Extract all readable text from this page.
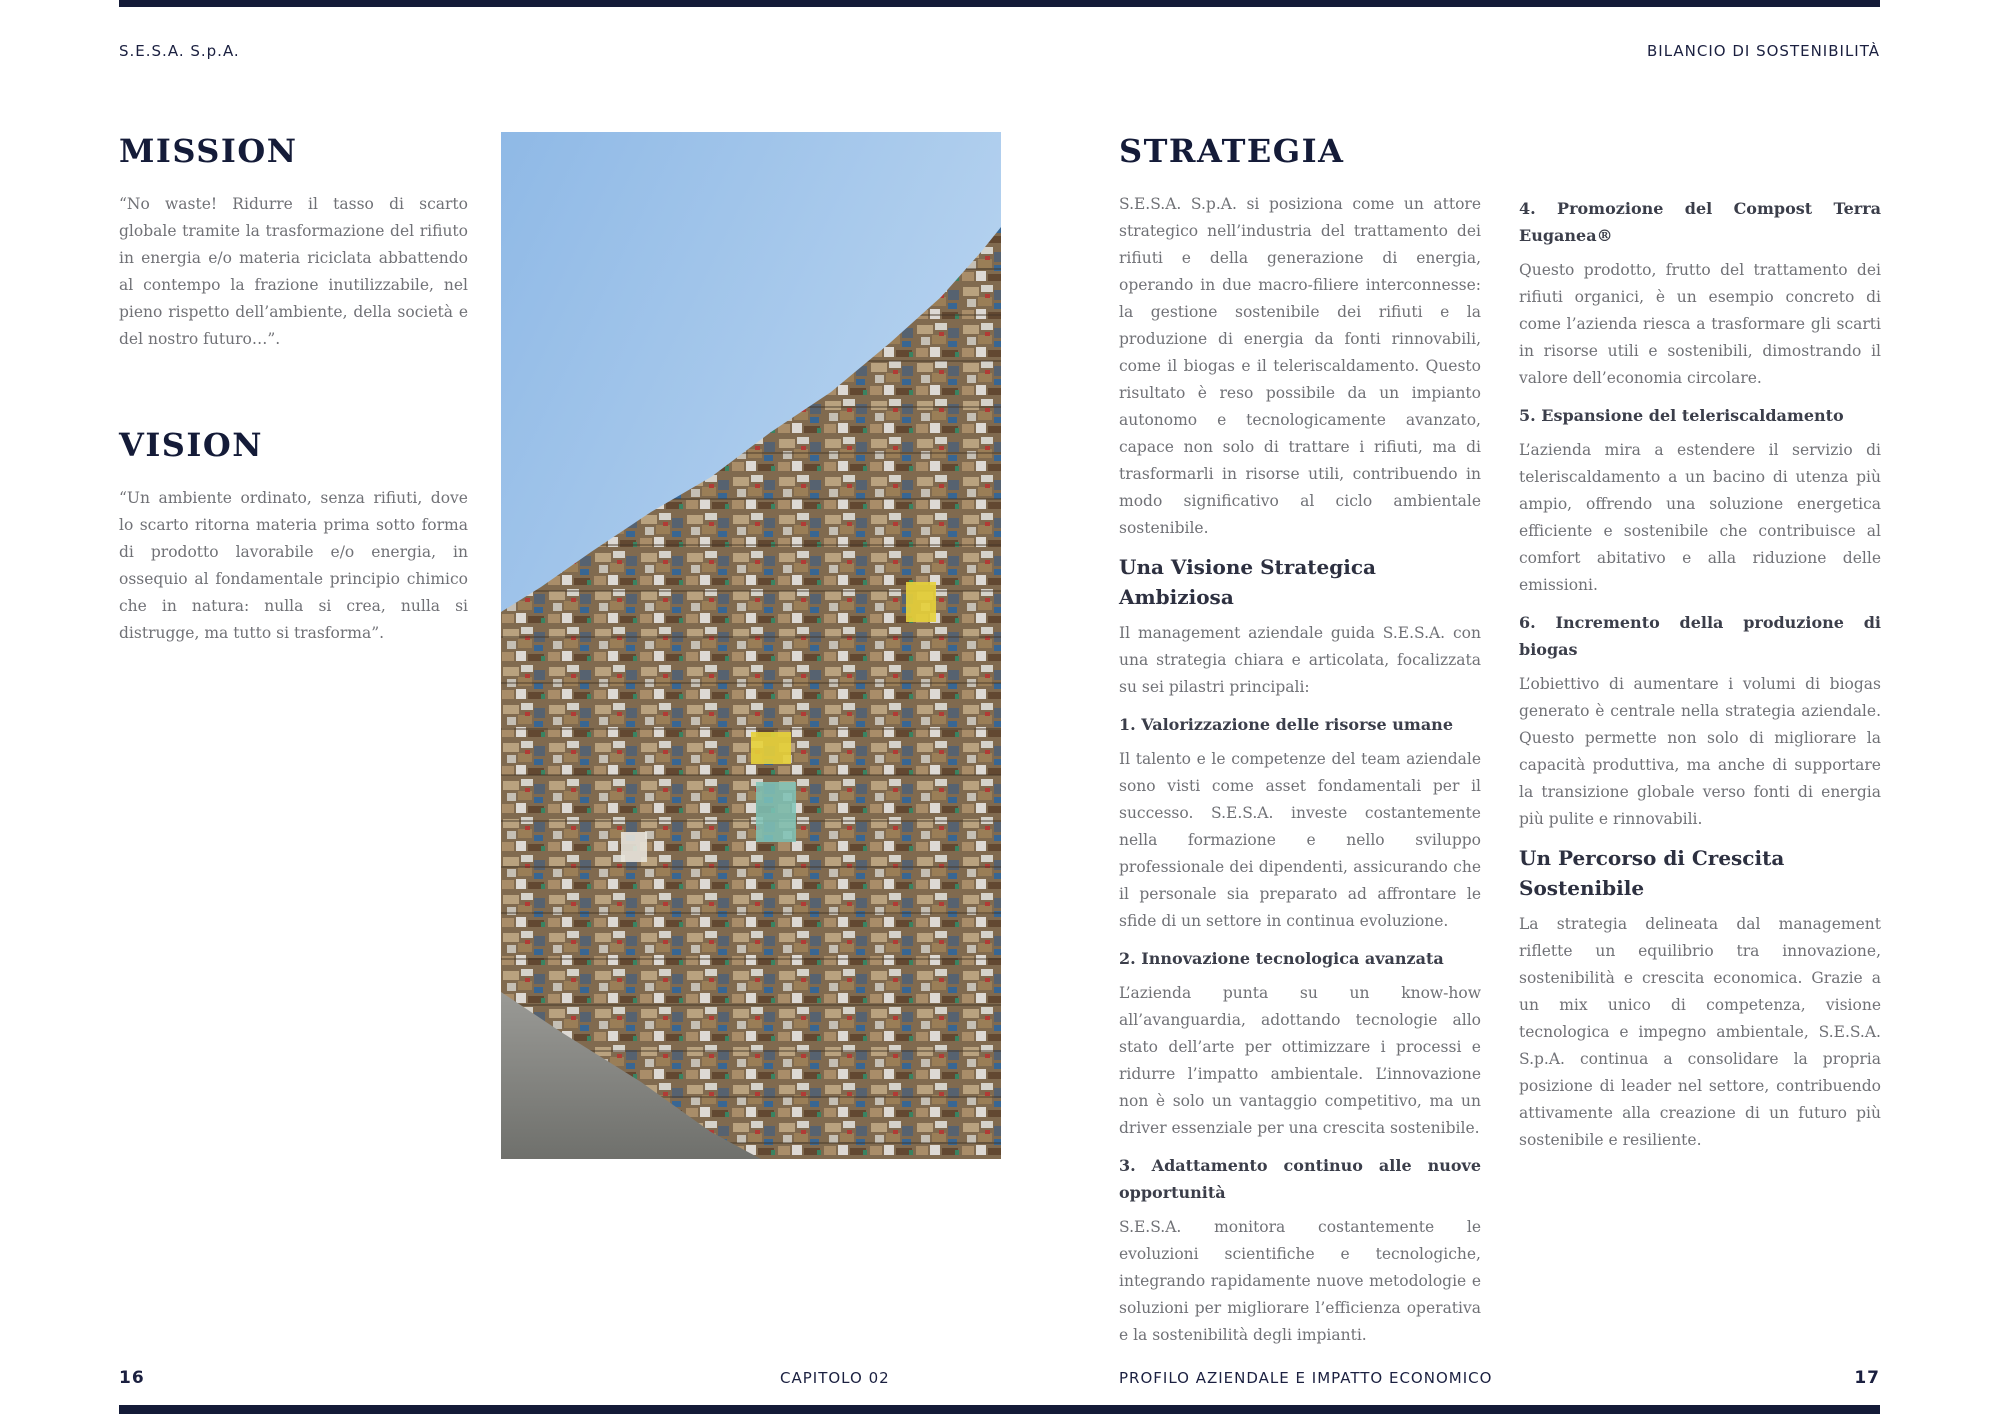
S.E.S.A. S.p.A.	BILANCIO DI SOSTENIBILITÀ
MISSION

“No waste! Ridurre il tasso di scarto globale tramite la trasformazione del rifiuto in energia e/o materia riciclata abbattendo al contempo la frazione inutilizzabile, nel pieno rispetto dell’ambiente, della società e del nostro futuro…”.

VISION

“Un ambiente ordinato, senza rifiuti, dove lo scarto ritorna materia prima sotto forma di prodotto lavorabile e/o energia, in ossequio al fondamentale principio chimico che in natura: nulla si crea, nulla si distrugge, ma tutto si trasforma”.

STRATEGIA

S.E.S.A. S.p.A. si posiziona come un attore strategico nell’industria del trattamento dei rifiuti e della generazione di energia, operando in due macro-filiere interconnesse: la gestione sostenibile dei rifiuti e la produzione di energia da fonti rinnovabili, come il biogas e il teleriscaldamento. Questo risultato è reso possibile da un impianto autonomo e tecnologicamente avanzato, capace non solo di trattare i rifiuti, ma di trasformarli in risorse utili, contribuendo in modo significativo al ciclo ambientale sostenibile.

Una Visione Strategica Ambiziosa

Il management aziendale guida S.E.S.A. con una strategia chiara e articolata, focalizzata su sei pilastri principali:

1. Valorizzazione delle risorse umane

Il talento e le competenze del team aziendale sono visti come asset fondamentali per il successo. S.E.S.A. investe costantemente nella formazione e nello sviluppo professionale dei dipendenti, assicurando che il personale sia preparato ad affrontare le sfide di un settore in continua evoluzione.

2. Innovazione tecnologica avanzata

L’azienda punta su un know-how all’avanguardia, adottando tecnologie allo stato dell’arte per ottimizzare i processi e ridurre l’impatto ambientale. L’innovazione non è solo un vantaggio competitivo, ma un driver essenziale per una crescita sostenibile.

3. Adattamento continuo alle nuove opportunità

S.E.S.A. monitora costantemente le evoluzioni scientifiche e tecnologiche, integrando rapidamente nuove metodologie e soluzioni per migliorare l’efficienza operativa e la sostenibilità degli impianti.

4. Promozione del Compost Terra Euganea®

Questo prodotto, frutto del trattamento dei rifiuti organici, è un esempio concreto di come l’azienda riesca a trasformare gli scarti in risorse utili e sostenibili, dimostrando il valore dell’economia circolare.

5. Espansione del teleriscaldamento

L’azienda mira a estendere il servizio di teleriscaldamento a un bacino di utenza più ampio, offrendo una soluzione energetica efficiente e sostenibile che contribuisce al comfort abitativo e alla riduzione delle emissioni.

6. Incremento della produzione di biogas

L’obiettivo di aumentare i volumi di biogas generato è centrale nella strategia aziendale. Questo permette non solo di migliorare la capacità produttiva, ma anche di supportare la transizione globale verso fonti di energia più pulite e rinnovabili.

Un Percorso di Crescita Sostenibile

La strategia delineata dal management riflette un equilibrio tra innovazione, sostenibilità e crescita economica. Grazie a un mix unico di competenza, visione tecnologica e impegno ambientale, S.E.S.A. S.p.A. continua a consolidare la propria posizione di leader nel settore, contribuendo attivamente alla creazione di un futuro più sostenibile e resiliente.

16	CAPITOLO 02	PROFILO AZIENDALE E IMPATTO ECONOMICO	17
